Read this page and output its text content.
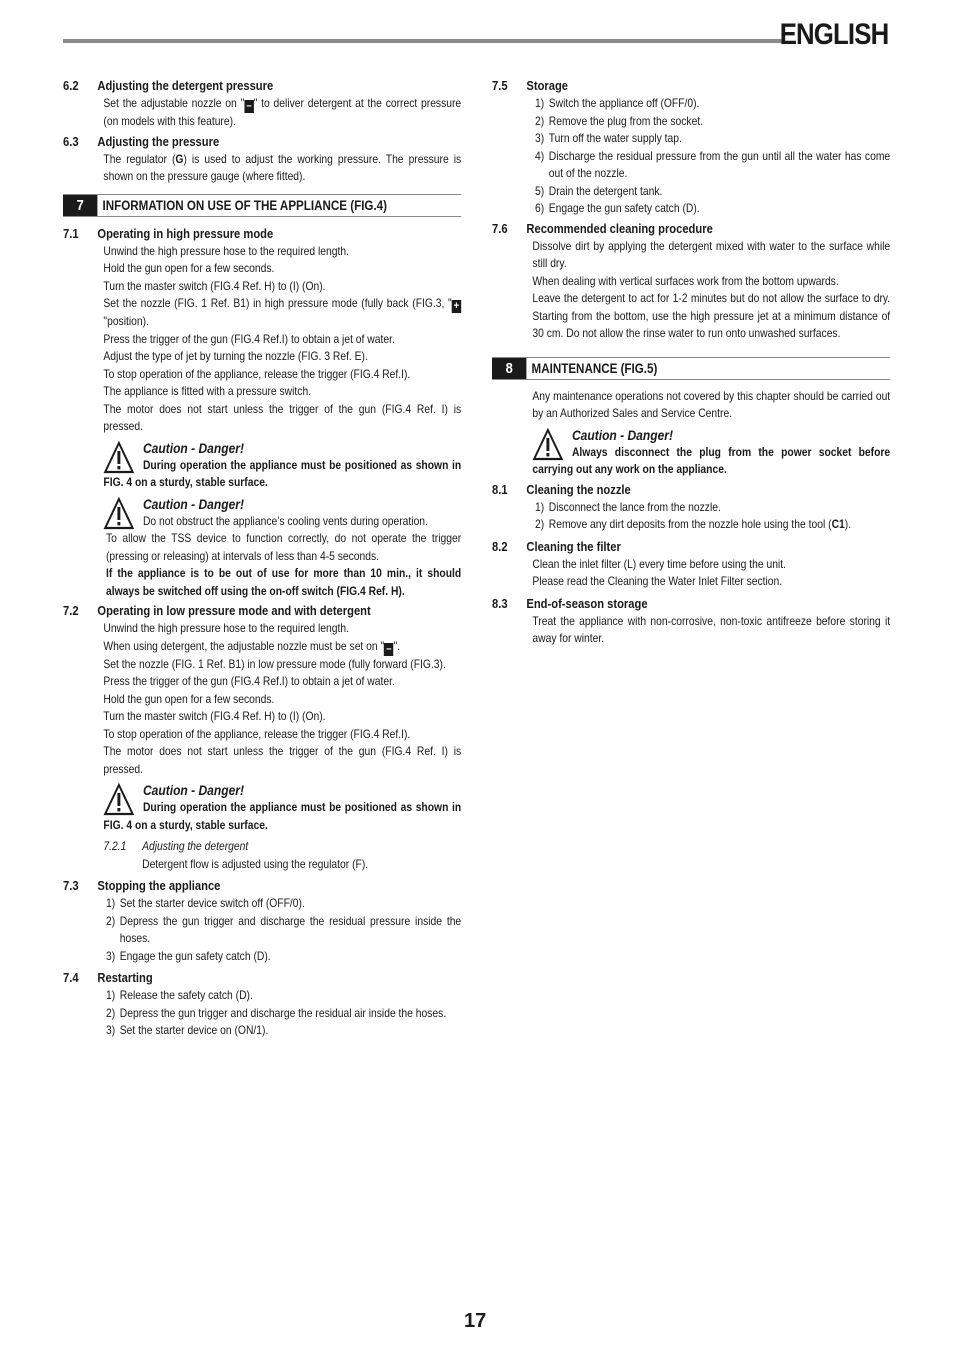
ENGLISH
6.2	Adjusting the detergent pressure
Set the adjustable nozzle on " – " to deliver detergent at the correct pressure (on models with this feature).
6.3	Adjusting the pressure
The regulator (G) is used to adjust the working pressure. The pressure is shown on the pressure gauge (where fitted).
7	INFORMATION ON USE OF THE APPLIANCE (FIG.4)
7.1	Operating in high pressure mode
Unwind the high pressure hose to the required length.
Hold the gun open for a few seconds.
Turn the master switch (FIG.4 Ref. H) to (I) (On).
Set the nozzle (FIG. 1 Ref. B1) in high pressure mode (fully back (FIG.3, " +"position).
Press the trigger of the gun (FIG.4 Ref.I) to obtain a jet of water.
Adjust the type of jet by turning the nozzle (FIG. 3 Ref. E).
To stop operation of the appliance, release the trigger (FIG.4 Ref.I).
The appliance is fitted with a pressure switch.
The motor does not start unless the trigger of the gun (FIG.4 Ref. I) is pressed.
Caution - Danger!
During operation the appliance must be positioned as shown in FIG. 4 on a sturdy, stable surface.
Caution - Danger!
Do not obstruct the appliance’s cooling vents during operation.
To allow the TSS device to function correctly, do not operate the trigger (pressing or releasing) at intervals of less than 4-5 seconds.
If the appliance is to be out of use for more than 10 min., it should always be switched off using the on-off switch (FIG.4 Ref. H).
7.2	Operating in low pressure mode and with detergent
Unwind the high pressure hose to the required length.
When using detergent, the adjustable nozzle must be set on " – ".
Set the nozzle (FIG. 1 Ref. B1) in low pressure mode (fully forward (FIG.3).
Press the trigger of the gun (FIG.4 Ref.I) to obtain a jet of water.
Hold the gun open for a few seconds.
Turn the master switch (FIG.4 Ref. H) to (I) (On).
To stop operation of the appliance, release the trigger (FIG.4 Ref.I).
The motor does not start unless the trigger of the gun (FIG.4 Ref. I) is pressed.
Caution - Danger!
During operation the appliance must be positioned as shown in FIG. 4 on a sturdy, stable surface.
7.2.1	Adjusting the detergent
Detergent flow is adjusted using the regulator (F).
7.3	Stopping the appliance
1) Set the starter device switch off (OFF/0).
2) Depress the gun trigger and discharge the residual pressure inside the hoses.
3) Engage the gun safety catch (D).
7.4	Restarting
1) Release the safety catch (D).
2) Depress the gun trigger and discharge the residual air inside the hoses.
3) Set the starter device on (ON/1).
7.5	Storage
1) Switch the appliance off (OFF/0).
2) Remove the plug from the socket.
3) Turn off the water supply tap.
4) Discharge the residual pressure from the gun until all the water has come out of the nozzle.
5) Drain the detergent tank.
6) Engage the gun safety catch (D).
7.6	Recommended cleaning procedure
Dissolve dirt by applying the detergent mixed with water to the surface while still dry.
When dealing with vertical surfaces work from the bottom upwards.
Leave the detergent to act for 1-2 minutes but do not allow the surface to dry. Starting from the bottom, use the high pressure jet at a minimum distance of 30 cm. Do not allow the rinse water to run onto unwashed surfaces.
8	MAINTENANCE (FIG.5)
Any maintenance operations not covered by this chapter should be carried out by an Authorized Sales and Service Centre.
Caution - Danger!
Always disconnect the plug from the power socket before carrying out any work on the appliance.
8.1	Cleaning the nozzle
1) Disconnect the lance from the nozzle.
2) Remove any dirt deposits from the nozzle hole using the tool (C1).
8.2	Cleaning the filter
Clean the inlet filter (L) every time before using the unit.
Please read the Cleaning the Water Inlet Filter section.
8.3	End-of-season storage
Treat the appliance with non-corrosive, non-toxic antifreeze before storing it away for winter.
17
